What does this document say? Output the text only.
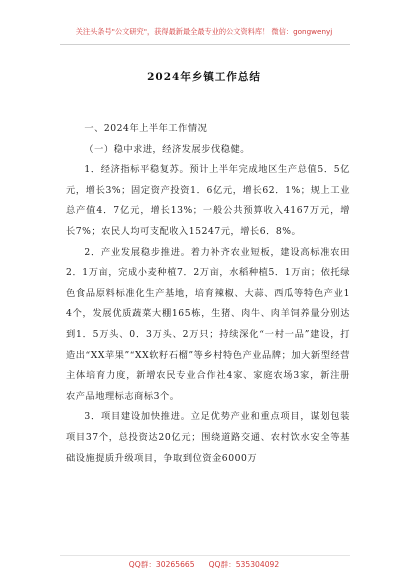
关注头条号"公文研究"，获得最新最全最专业的公文资料库！ 微信：gongwenyj
2024年乡镇工作总结

一、2024年上半年工作情况

（一）稳中求进，经济发展步伐稳健。

1．经济指标平稳复苏。预计上半年完成地区生产总值5．5亿元，增长3%；固定资产投资1．6亿元，增长62．1%；规上工业总产值4．7亿元，增长13%；一般公共预算收入4167万元，增长7%；农民人均可支配收入15247元，增长6．8%。

2．产业发展稳步推进。着力补齐农业短板，建设高标准农田2．1万亩，完成小麦种植7．2万亩，水稻种植5．1万亩；依托绿色食品原料标准化生产基地，培育辣椒、大蒜、西瓜等特色产业14个，发展优质蔬菜大棚165栋，生猪、肉牛、肉羊饲养量分别达到1．5万头、0．3万头、2万只；持续深化“一村一品”建设，打造出“XX苹果”“XX软籽石榴”等乡村特色产业品牌；加大新型经营主体培育力度，新增农民专业合作社4家、家庭农场3家，新注册农产品地理标志商标3个。

3．项目建设加快推进。立足优势产业和重点项目，谋划包装项目37个，总投资达20亿元；围绕道路交通、农村饮水安全等基础设施提质升级项目，争取到位资金6000万

QQ群：30265665 QQ群：535304092
